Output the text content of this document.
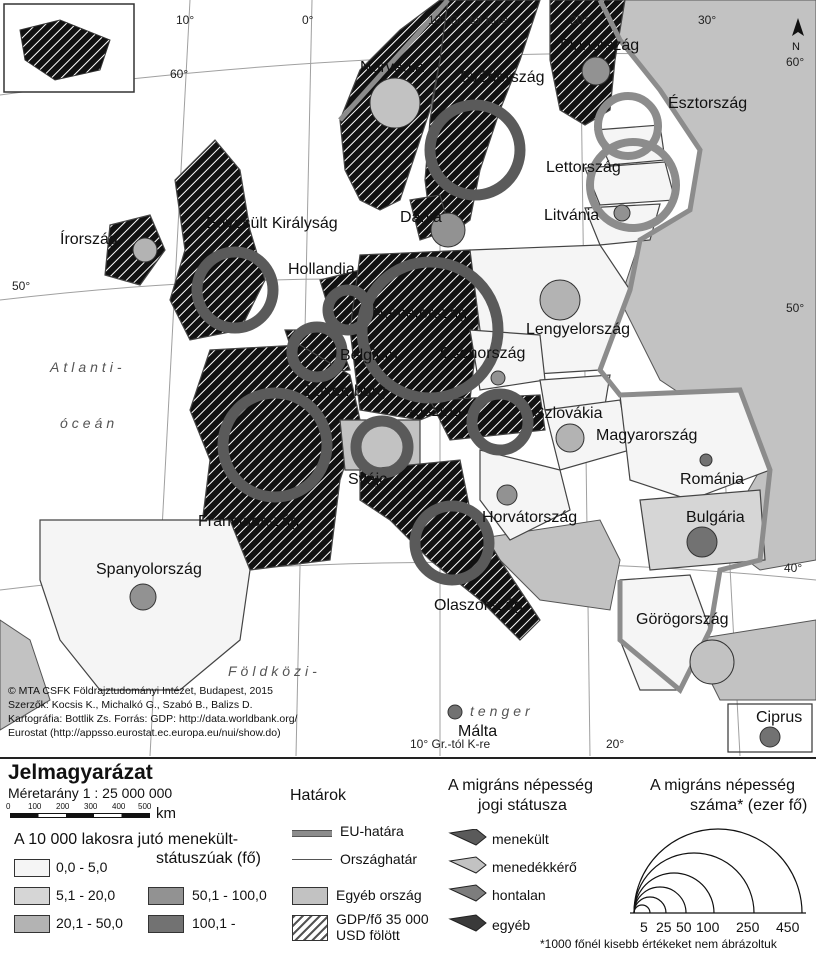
10°	0°	10° Gr.-tól K-re	20°	30°
60°
60°
50°
50°
40°
10° Gr.-tól K-re	20°
N
Atlanti-
óceán
Földközi-
tenger
Norvégia
Svédország
Finnország
Észtország
Lettország
Litvánia
Dánia
Írország
Egyesült Királyság
Hollandia
Németország
Lengyelország
Belgium	Csehország
Luxemburg
Ausztria	Szlovákia
Magyarország
Románia
Franciaország
Svájc
Horvátország	Bulgária
Spanyolország
Olaszország
Görögország
Málta
Ciprus
© MTA CSFK Földrajztudományi Intézet, Budapest, 2015
Szerzők: Kocsis K., Michalkó G., Szabó B., Balizs D.
Kartográfia: Bottlik Zs. Forrás: GDP: http://data.worldbank.org/
Eurostat (http://appsso.eurostat.ec.europa.eu/nui/show.do)
Jelmagyarázat
Méretarány 1 : 25 000 000
0 100 200 300 400 500 km
A 10 000 lakosra jutó menekült-
státuszúak (fő)
0,0 - 5,0
5,1 - 20,0
20,1 - 50,0
50,1 - 100,0
100,1 -
Határok
EU-határa
Országhatár
Egyéb ország
GDP/fő 35 000
USD fölött
A migráns népesség
jogi státusza
menekült
menedékkérő
hontalan
egyéb
A migráns népesség
száma* (ezer fő)
5 25 50 100 250 450
*1000 főnél kisebb értékeket nem ábrázoltuk
